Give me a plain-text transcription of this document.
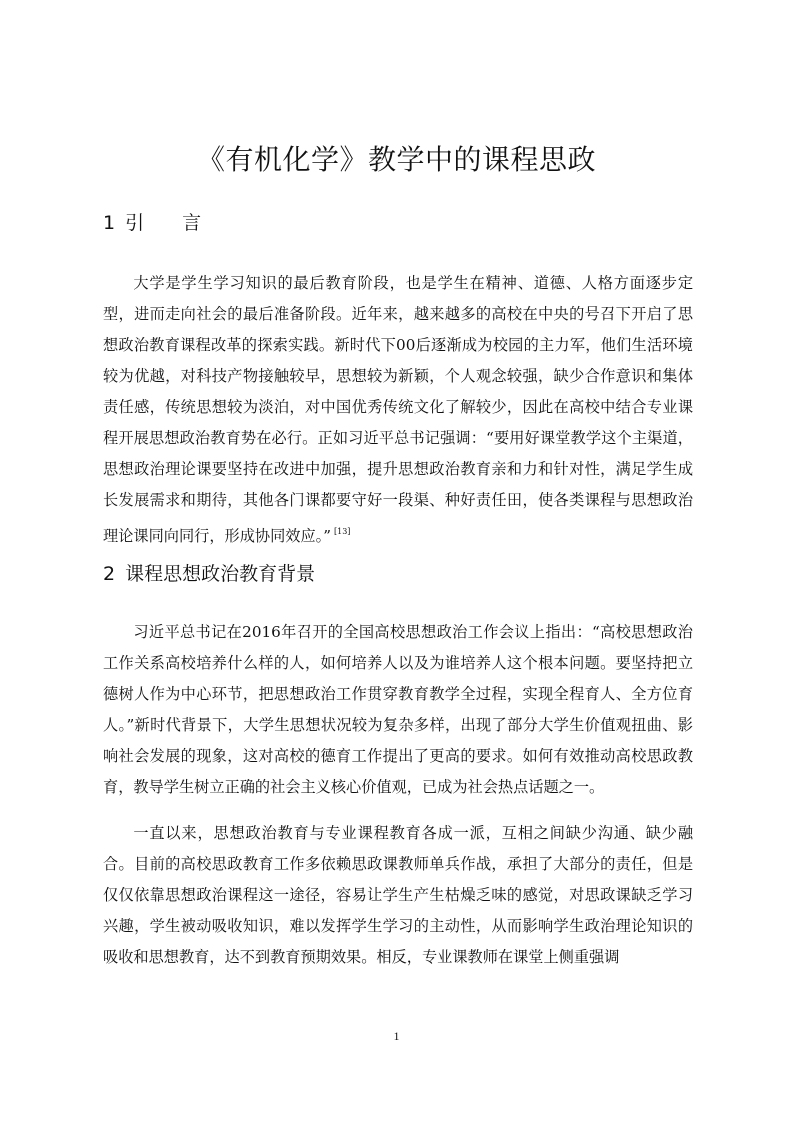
《有机化学》教学中的课程思政
1 引 言

大学是学生学习知识的最后教育阶段，也是学生在精神、道德、人格方面逐步定型，进而走向社会的最后准备阶段。近年来，越来越多的高校在中央的号召下开启了思想政治教育课程改革的探索实践。新时代下00后逐渐成为校园的主力军，他们生活环境较为优越，对科技产物接触较早，思想较为新颖，个人观念较强，缺少合作意识和集体责任感，传统思想较为淡泊，对中国优秀传统文化了解较少，因此在高校中结合专业课程开展思想政治教育势在必行。正如习近平总书记强调：“要用好课堂教学这个主渠道，思想政治理论课要坚持在改进中加强，提升思想政治教育亲和力和针对性，满足学生成长发展需求和期待，其他各门课都要守好一段渠、种好责任田，使各类课程与思想政治理论课同向同行，形成协同效应。” [13]

2 课程思想政治教育背景

习近平总书记在2016年召开的全国高校思想政治工作会议上指出：“高校思想政治工作关系高校培养什么样的人，如何培养人以及为谁培养人这个根本问题。要坚持把立德树人作为中心环节，把思想政治工作贯穿教育教学全过程，实现全程育人、全方位育人。”新时代背景下，大学生思想状况较为复杂多样，出现了部分大学生价值观扭曲、影响社会发展的现象，这对高校的德育工作提出了更高的要求。如何有效推动高校思政教育，教导学生树立正确的社会主义核心价值观，已成为社会热点话题之一。

一直以来，思想政治教育与专业课程教育各成一派，互相之间缺少沟通、缺少融合。目前的高校思政教育工作多依赖思政课教师单兵作战，承担了大部分的责任，但是仅仅依靠思想政治课程这一途径，容易让学生产生枯燥乏味的感觉，对思政课缺乏学习兴趣，学生被动吸收知识，难以发挥学生学习的主动性，从而影响学生政治理论知识的吸收和思想教育，达不到教育预期效果。相反，专业课教师在课堂上侧重强调

1
